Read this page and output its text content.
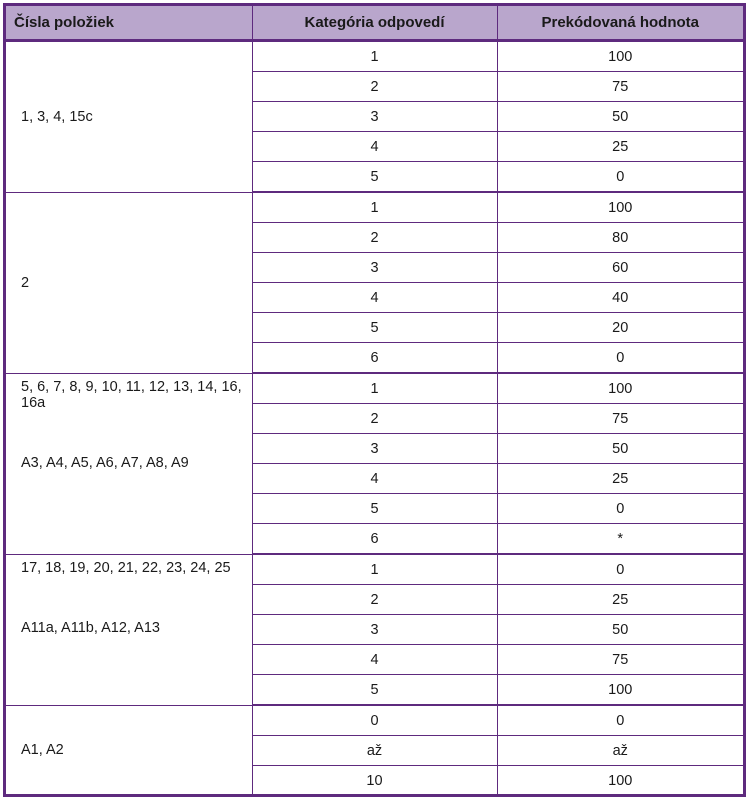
Čísla položiek	Kategória odpovedí	Prekódovaná hodnota

1, 3, 4, 15c	1	100
	2	75
	3	50
	4	25
	5	0

2	1	100
	2	80
	3	60
	4	40
	5	20
	6	0

5, 6, 7, 8, 9, 10, 11, 12, 13, 14, 16, 16a
A3, A4, A5, A6, A7, A8, A9	1	100
	2	75
	3	50
	4	25
	5	0
	6	*

17, 18, 19, 20, 21, 22, 23, 24, 25
A11a, A11b, A12, A13	1	0
	2	25
	3	50
	4	75
	5	100

A1, A2	0	0
	až	až
	10	100
